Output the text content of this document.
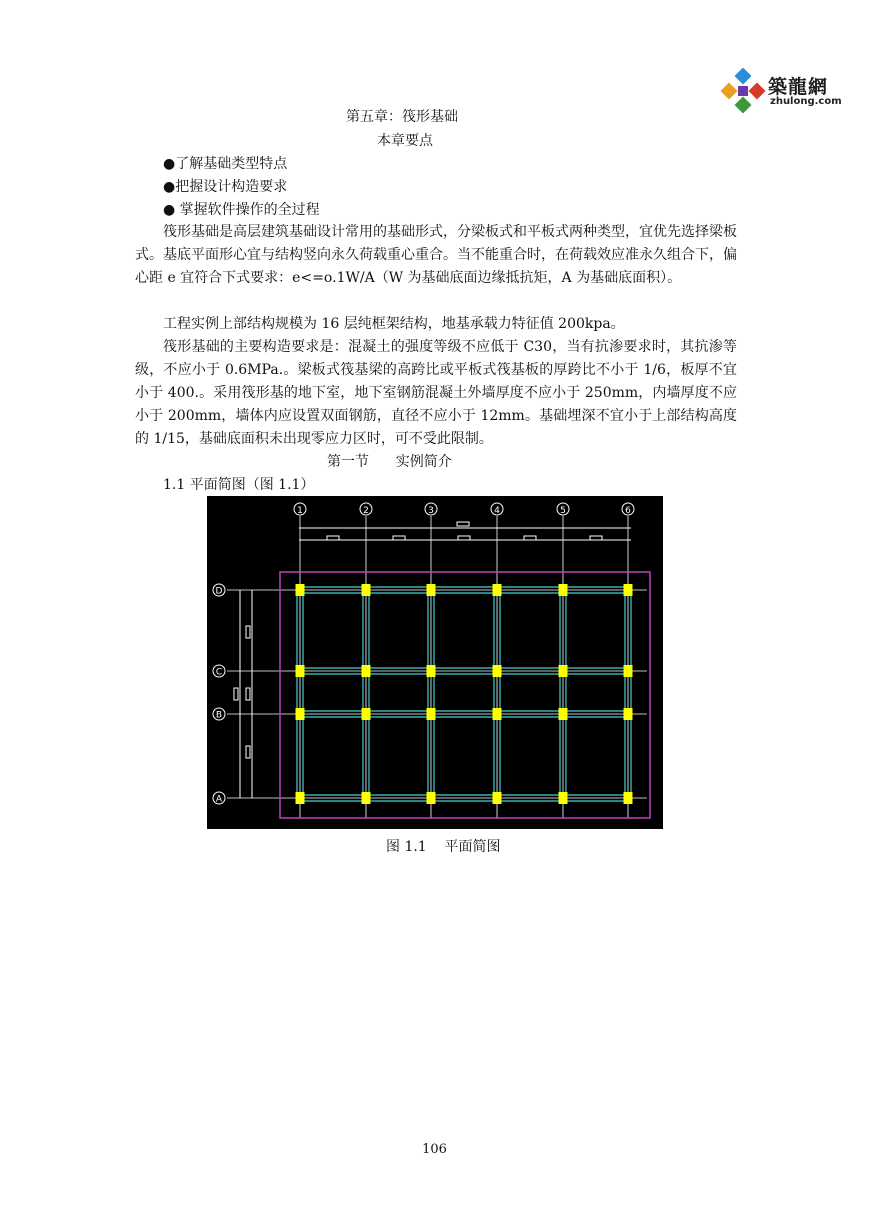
築龍網
zhulong.com
第五章：筏形基础
本章要点
●了解基础类型特点
●把握设计构造要求
● 掌握软件操作的全过程
筏形基础是高层建筑基础设计常用的基础形式，分梁板式和平板式两种类型，宜优先选择梁板式。基底平面形心宜与结构竖向永久荷载重心重合。当不能重合时，在荷载效应准永久组合下，偏心距 e 宜符合下式要求：e<=o.1W/A（W 为基础底面边缘抵抗矩，A 为基础底面积）。
工程实例上部结构规模为 16 层纯框架结构，地基承载力特征值 200kpa。
筏形基础的主要构造要求是：混凝土的强度等级不应低于 C30，当有抗渗要求时，其抗渗等级，不应小于 0.6MPa.。梁板式筏基梁的高跨比或平板式筏基板的厚跨比不小于 1/6，板厚不宜小于 400.。采用筏形基的地下室，地下室钢筋混凝土外墙厚度不应小于 250mm，内墙厚度不应小于 200mm，墙体内应设置双面钢筋，直径不应小于 12mm。基础埋深不宜小于上部结构高度的 1/15，基础底面积未出现零应力区时，可不受此限制。
第一节      实例简介
1.1 平面简图（图 1.1）
1	2	3	4	5	6
D
C
B
A
图 1.1    平面简图
106
